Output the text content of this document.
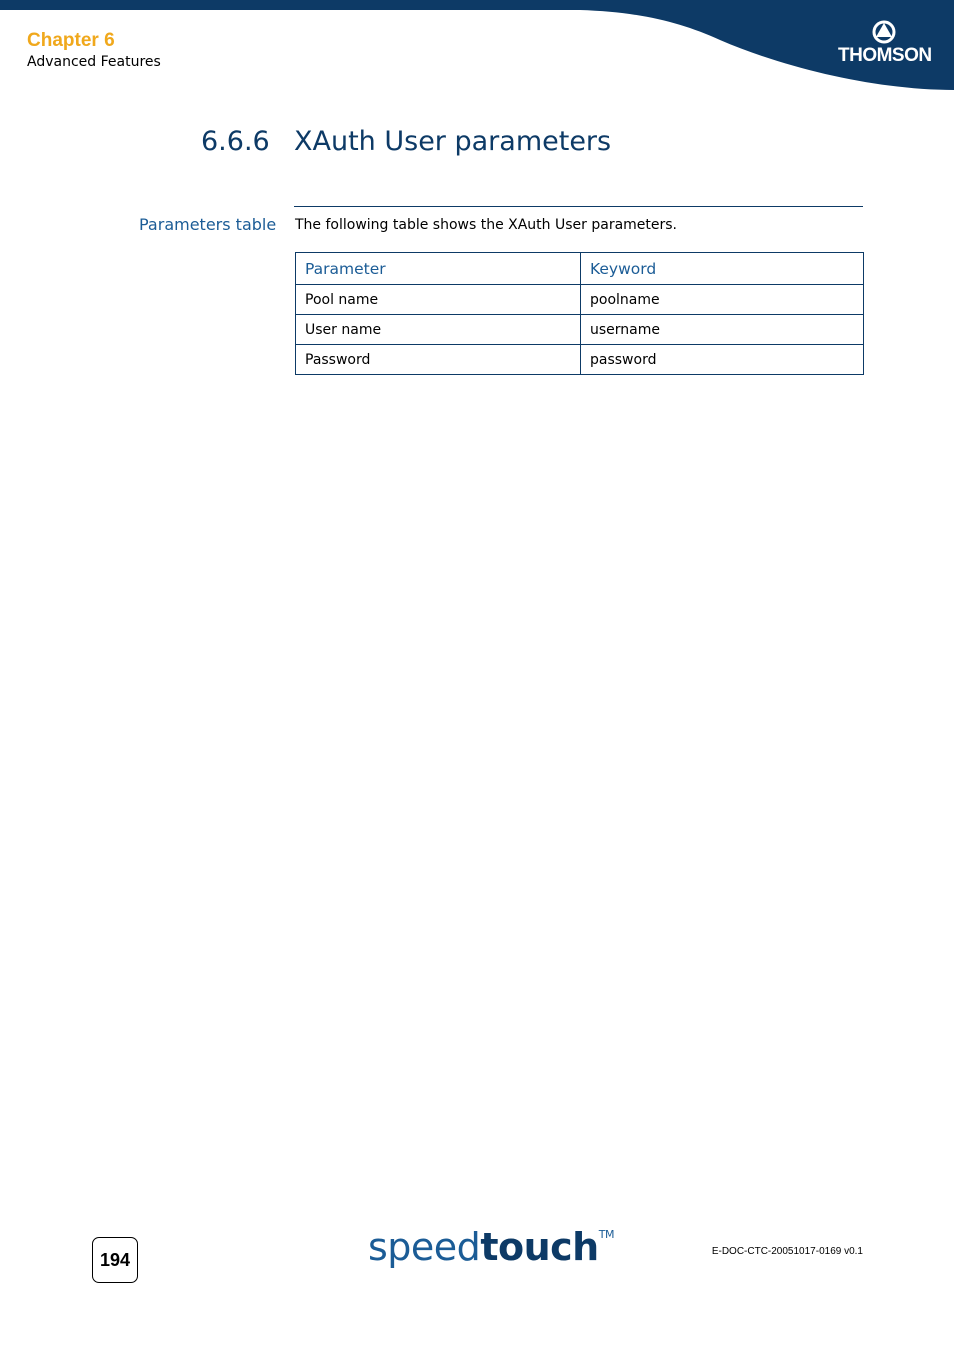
Chapter 6
Advanced Features	THOMSON
6.6.6 XAuth User parameters
Parameters table The following table shows the XAuth User parameters.
Parameter	Keyword
Pool name	poolname
User name	username
Password	password
194	speedtouch™
E-DOC-CTC-20051017-0169 v0.1
